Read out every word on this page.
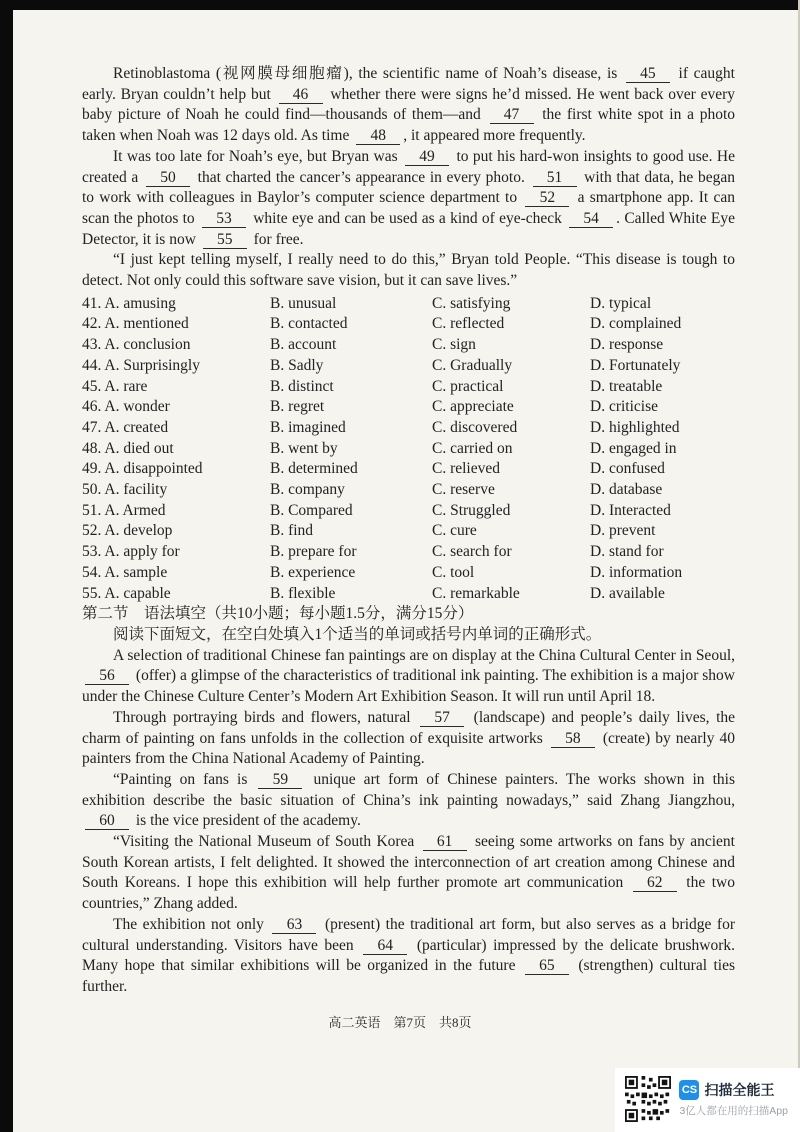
Retinoblastoma (视网膜母细胞瘤), the scientific name of Noah’s disease, is 45 if caught early. Bryan couldn’t help but 46 whether there were signs he’d missed. He went back over every baby picture of Noah he could find—thousands of them—and 47 the first white spot in a photo taken when Noah was 12 days old. As time 48 , it appeared more frequently.

It was too late for Noah’s eye, but Bryan was 49 to put his hard-won insights to good use. He created a 50 that charted the cancer’s appearance in every photo. 51 with that data, he began to work with colleagues in Baylor’s computer science department to 52 a smartphone app. It can scan the photos to 53 white eye and can be used as a kind of eye-check 54 . Called White Eye Detector, it is now 55 for free.

“I just kept telling myself, I really need to do this,” Bryan told People. “This disease is tough to detect. Not only could this software save vision, but it can save lives.”

41. A. amusing	B. unusual	C. satisfying	D. typical
42. A. mentioned	B. contacted	C. reflected	D. complained
43. A. conclusion	B. account	C. sign	D. response
44. A. Surprisingly	B. Sadly	C. Gradually	D. Fortunately
45. A. rare	B. distinct	C. practical	D. treatable
46. A. wonder	B. regret	C. appreciate	D. criticise
47. A. created	B. imagined	C. discovered	D. highlighted
48. A. died out	B. went by	C. carried on	D. engaged in
49. A. disappointed	B. determined	C. relieved	D. confused
50. A. facility	B. company	C. reserve	D. database
51. A. Armed	B. Compared	C. Struggled	D. Interacted
52. A. develop	B. find	C. cure	D. prevent
53. A. apply for	B. prepare for	C. search for	D. stand for
54. A. sample	B. experience	C. tool	D. information
55. A. capable	B. flexible	C. remarkable	D. available
第二节　语法填空（共10小题；每小题1.5分，满分15分）
阅读下面短文，在空白处填入1个适当的单词或括号内单词的正确形式。

A selection of traditional Chinese fan paintings are on display at the China Cultural Center in Seoul, 56 (offer) a glimpse of the characteristics of traditional ink painting. The exhibition is a major show under the Chinese Culture Center’s Modern Art Exhibition Season. It will run until April 18.

Through portraying birds and flowers, natural 57 (landscape) and people’s daily lives, the charm of painting on fans unfolds in the collection of exquisite artworks 58 (create) by nearly 40 painters from the China National Academy of Painting.

“Painting on fans is 59 unique art form of Chinese painters. The works shown in this exhibition describe the basic situation of China’s ink painting nowadays,” said Zhang Jiangzhou, 60 is the vice president of the academy.

“Visiting the National Museum of South Korea 61 seeing some artworks on fans by ancient South Korean artists, I felt delighted. It showed the interconnection of art creation among Chinese and South Koreans. I hope this exhibition will help further promote art communication 62 the two countries,” Zhang added.

The exhibition not only 63 (present) the traditional art form, but also serves as a bridge for cultural understanding. Visitors have been 64 (particular) impressed by the delicate brushwork. Many hope that similar exhibitions will be organized in the future 65 (strengthen) cultural ties further.

高二英语　第7页　共8页
CS 扫描全能王
3亿人都在用的扫描App
